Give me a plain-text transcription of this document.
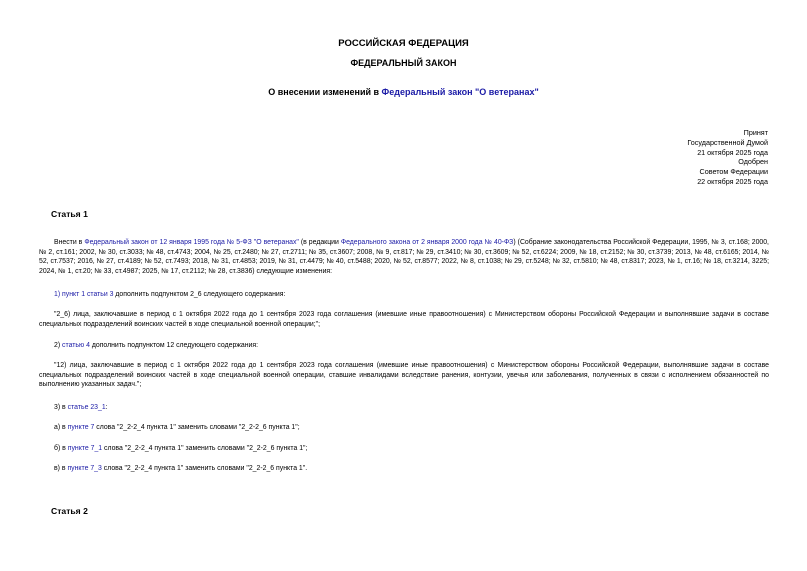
РОССИЙСКАЯ ФЕДЕРАЦИЯ
ФЕДЕРАЛЬНЫЙ ЗАКОН
О внесении изменений в Федеральный закон "О ветеранах"
Принят
Государственной Думой
21 октября 2025 года
Одобрен
Советом Федерации
22 октября 2025 года
Статья 1
Внести в Федеральный закон от 12 января 1995 года № 5-ФЗ "О ветеранах" (в редакции Федерального закона от 2 января 2000 года № 40-ФЗ) (Собрание законодательства Российской Федерации, 1995, № 3, ст.168; 2000, № 2, ст.161; 2002, № 30, ст.3033; № 48, ст.4743; 2004, № 25, ст.2480; № 27, ст.2711; № 35, ст.3607; 2008, № 9, ст.817; № 29, ст.3410; № 30, ст.3609; № 52, ст.6224; 2009, № 18, ст.2152; № 30, ст.3739; 2013, № 48, ст.6165; 2014, № 52, ст.7537; 2016, № 27, ст.4189; № 52, ст.7493; 2018, № 31, ст.4853; 2019, № 31, ст.4479; № 40, ст.5488; 2020, № 52, ст.8577; 2022, № 8, ст.1038; № 29, ст.5248; № 32, ст.5810; № 48, ст.8317; 2023, № 1, ст.16; № 18, ст.3214, 3225; 2024, № 1, ст.20; № 33, ст.4987; 2025, № 17, ст.2112; № 28, ст.3836) следующие изменения:
1) пункт 1 статьи 3 дополнить подпунктом 2_6 следующего содержания:
"2_6) лица, заключавшие в период с 1 октября 2022 года до 1 сентября 2023 года соглашения (имевшие иные правоотношения) с Министерством обороны Российской Федерации и выполнявшие задачи в составе специальных подразделений воинских частей в ходе специальной военной операции;";
2) статью 4 дополнить подпунктом 12 следующего содержания:
"12) лица, заключавшие в период с 1 октября 2022 года до 1 сентября 2023 года соглашения (имевшие иные правоотношения) с Министерством обороны Российской Федерации, выполнявшие задачи в составе специальных подразделений воинских частей в ходе специальной военной операции, ставшие инвалидами вследствие ранения, контузии, увечья или заболевания, полученных в связи с исполнением обязанностей по выполнению указанных задач.";
3) в статье 23_1:
а) в пункте 7 слова "2_2-2_4 пункта 1" заменить словами "2_2-2_6 пункта 1";
б) в пункте 7_1 слова "2_2-2_4 пункта 1" заменить словами "2_2-2_6 пункта 1";
в) в пункте 7_3 слова "2_2-2_4 пункта 1" заменить словами "2_2-2_6 пункта 1".
Статья 2
